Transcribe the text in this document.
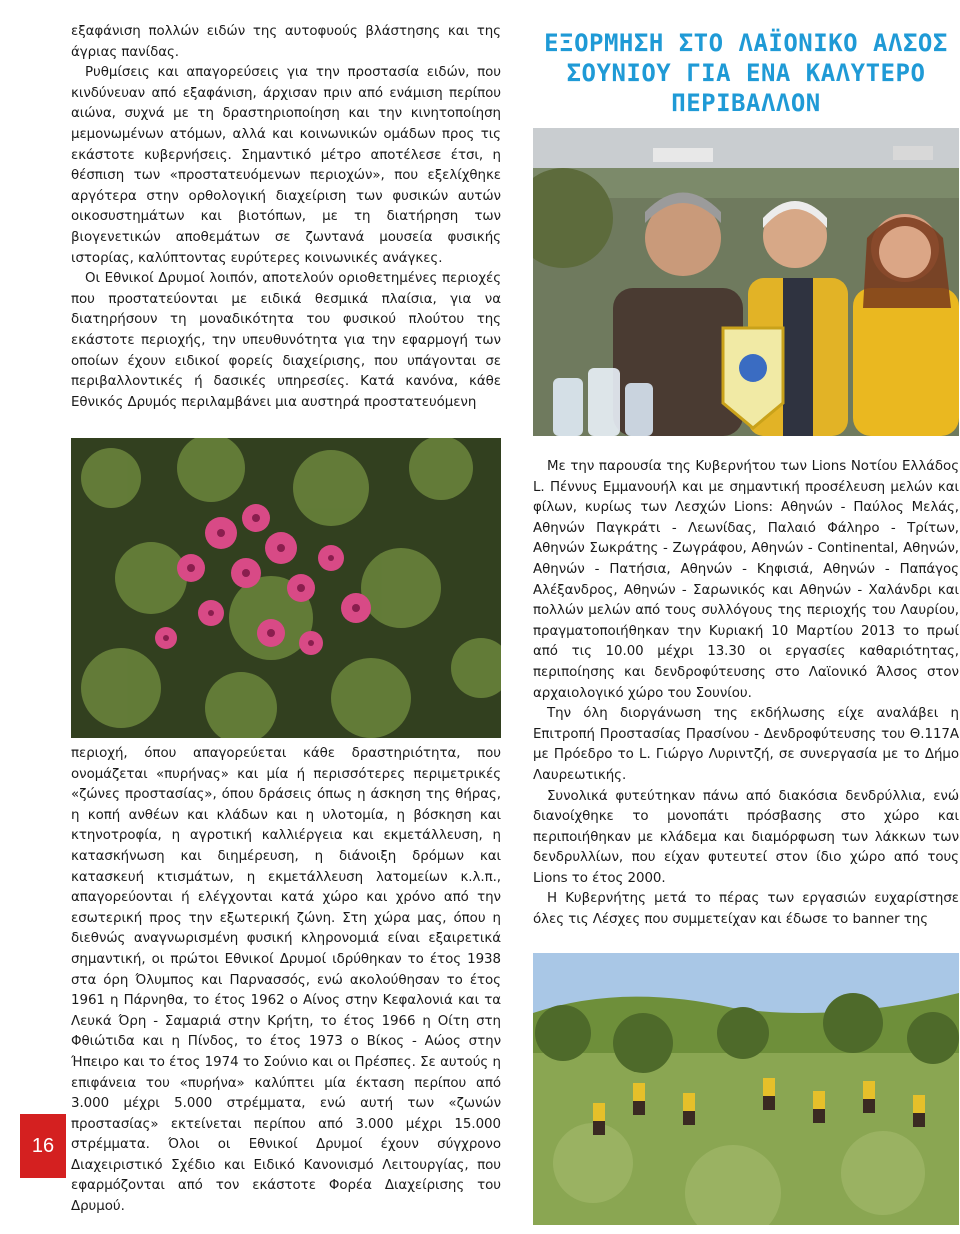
εξαφάνιση πολλών ειδών της αυτοφυούς βλάστησης και της άγριας πανίδας.

Ρυθμίσεις και απαγορεύσεις για την προστασία ειδών, που κινδύνευαν από εξαφάνιση, άρχισαν πριν από ενάμιση περίπου αιώνα, συχνά με τη δραστηριοποίηση και την κινητοποίηση μεμονωμένων ατόμων, αλλά και κοινωνικών ομάδων προς τις εκάστοτε κυβερνήσεις. Σημαντικό μέτρο αποτέλεσε έτσι, η θέσπιση των «προστατευόμενων περιοχών», που εξελίχθηκε αργότερα στην ορθολογική διαχείριση των φυσικών αυτών οικοσυστημάτων και βιοτόπων, με τη διατήρηση των βιογενετικών αποθεμάτων σε ζωντανά μουσεία φυσικής ιστορίας, καλύπτοντας ευρύτερες κοινωνικές ανάγκες.

Οι Εθνικοί Δρυμοί λοιπόν, αποτελούν οριοθετημένες περιοχές που προστατεύονται με ειδικά θεσμικά πλαίσια, για να διατηρήσουν τη μοναδικότητα του φυσικού πλούτου της εκάστοτε περιοχής, την υπευθυνότητα για την εφαρμογή των οποίων έχουν ειδικοί φορείς διαχείρισης, που υπάγονται σε περιβαλλοντικές ή δασικές υπηρεσίες. Κατά κανόνα, κάθε Εθνικός Δρυμός περιλαμβάνει μια αυστηρά προστατευόμενη

ΕΞΟΡΜΗΣΗ ΣΤΟ ΛΑΪΟΝΙΚΟ ΑΛΣΟΣ ΣΟΥΝΙΟΥ ΓΙΑ ΕΝΑ ΚΑΛΥΤΕΡΟ ΠΕΡΙΒΑΛΛΟΝ

περιοχή, όπου απαγορεύεται κάθε δραστηριότητα, που ονομάζεται «πυρήνας» και μία ή περισσότερες περιμετρικές «ζώνες προστασίας», όπου δράσεις όπως η άσκηση της θήρας, η κοπή ανθέων και κλάδων και η υλοτομία, η βόσκηση και κτηνοτροφία, η αγροτική καλλιέργεια και εκμετάλλευση, η κατασκήνωση και διημέρευση, η διάνοιξη δρόμων και κατασκευή κτισμάτων, η εκμετάλλευση λατομείων κ.λ.π., απαγορεύονται ή ελέγχονται κατά χώρο και χρόνο από την εσωτερική προς την εξωτερική ζώνη. Στη χώρα μας, όπου η διεθνώς αναγνωρισμένη φυσική κληρονομιά είναι εξαιρετικά σημαντική, οι πρώτοι Εθνικοί Δρυμοί ιδρύθηκαν το έτος 1938 στα όρη Όλυμπος και Παρνασσός, ενώ ακολούθησαν το έτος 1961 η Πάρνηθα, το έτος 1962 ο Αίνος στην Κεφαλονιά και τα Λευκά Όρη - Σαμαριά στην Κρήτη, το έτος 1966 η Οίτη στη Φθιώτιδα και η Πίνδος, το έτος 1973 ο Βίκος - Αώος στην Ήπειρο και το έτος 1974 το Σούνιο και οι Πρέσπες. Σε αυτούς η επιφάνεια του «πυρήνα» καλύπτει μία έκταση περίπου από 3.000 μέχρι 5.000 στρέμματα, ενώ αυτή των «ζωνών προστασίας» εκτείνεται περίπου από 3.000 μέχρι 15.000 στρέμματα. Όλοι οι Εθνικοί Δρυμοί έχουν σύγχρονο Διαχειριστικό Σχέδιο και Ειδικό Κανονισμό Λειτουργίας, που εφαρμόζονται από τον εκάστοτε Φορέα Διαχείρισης του Δρυμού.

Με την παρουσία της Κυβερνήτου των Lions Νοτίου Ελλάδος L. Πέννυς Εμμανουήλ και με σημαντική προσέλευση μελών και φίλων, κυρίως των Λεσχών Lions: Αθηνών - Παύλος Μελάς, Αθηνών Παγκράτι - Λεωνίδας, Παλαιό Φάληρο - Τρίτων, Αθηνών Σωκράτης - Ζωγράφου, Αθηνών - Continental, Αθηνών, Αθηνών - Πατήσια, Αθηνών - Κηφισιά, Αθηνών - Παπάγος Αλέξανδρος, Αθηνών - Σαρωνικός και Αθηνών - Χαλάνδρι και πολλών μελών από τους συλλόγους της περιοχής του Λαυρίου, πραγματοποιήθηκαν την Κυριακή 10 Μαρτίου 2013 το πρωί από τις 10.00 μέχρι 13.30 οι εργασίες καθαριότητας, περιποίησης και δενδροφύτευσης στο Λαϊονικό Άλσος στον αρχαιολογικό χώρο του Σουνίου.

Την όλη διοργάνωση της εκδήλωσης είχε αναλάβει η Επιτροπή Προστασίας Πρασίνου - Δενδροφύτευσης του Θ.117Α με Πρόεδρο το L. Γιώργο Λυριντζή, σε συνεργασία με το Δήμο Λαυρεωτικής.

Συνολικά φυτεύτηκαν πάνω από διακόσια δενδρύλλια, ενώ διανοίχθηκε το μονοπάτι πρόσβασης στο χώρο και περιποιήθηκαν με κλάδεμα και διαμόρφωση των λάκκων των δενδρυλλίων, που είχαν φυτευτεί στον ίδιο χώρο από τους Lions το έτος 2000.

Η Κυβερνήτης μετά το πέρας των εργασιών ευχαρίστησε όλες τις Λέσχες που συμμετείχαν και έδωσε το banner της

16
